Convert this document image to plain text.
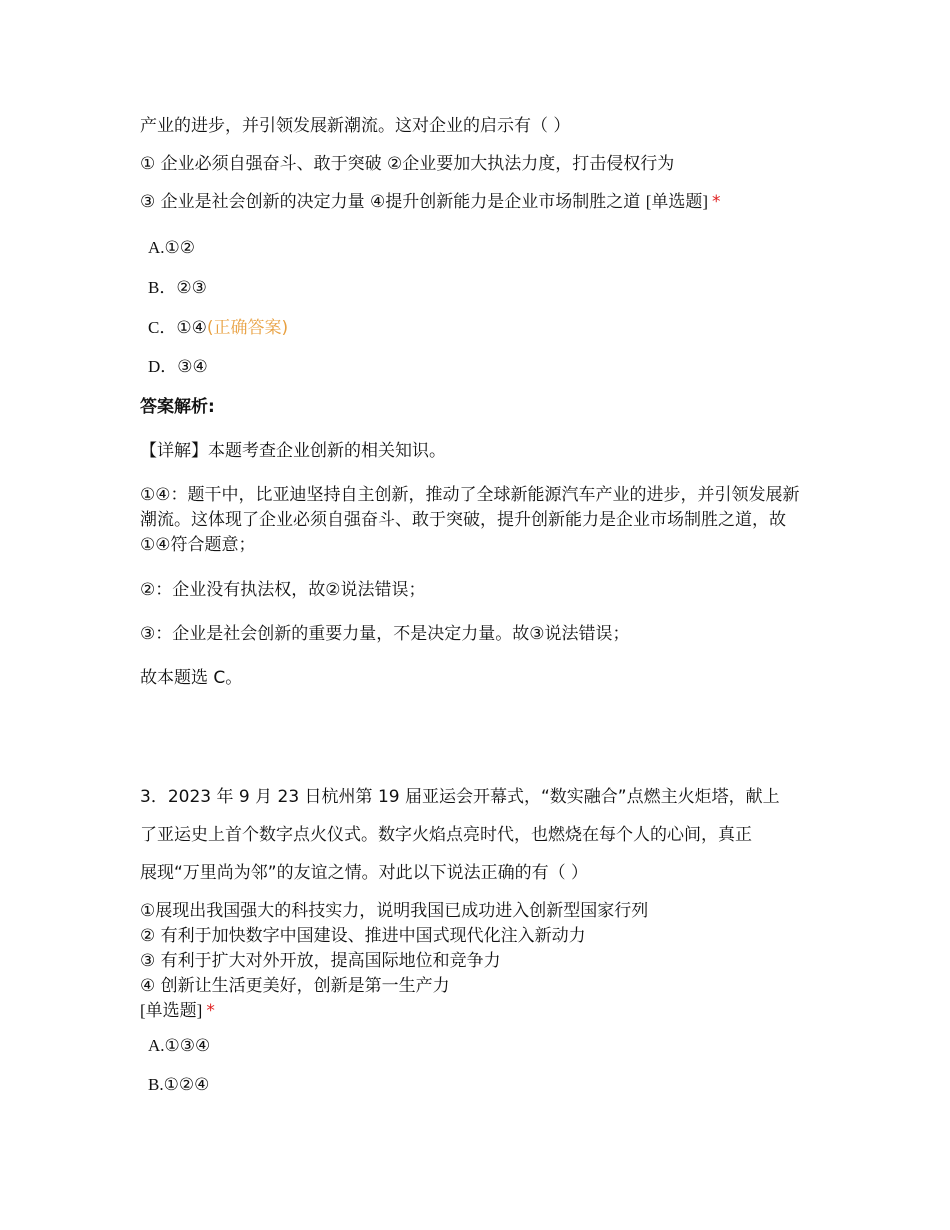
产业的进步，并引领发展新潮流。这对企业的启示有（ ）
① 企业必须自强奋斗、敢于突破 ②企业要加大执法力度，打击侵权行为
③ 企业是社会创新的决定力量 ④提升创新能力是企业市场制胜之道 [单选题] *
A.①②
B．②③
C．①④(正确答案)
D．③④
答案解析:
【详解】本题考查企业创新的相关知识。
①④：题干中，比亚迪坚持自主创新，推动了全球新能源汽车产业的进步，并引领发展新潮流。这体现了企业必须自强奋斗、敢于突破，提升创新能力是企业市场制胜之道，故①④符合题意；
②：企业没有执法权，故②说法错误；
③：企业是社会创新的重要力量，不是决定力量。故③说法错误；
故本题选 C。
3．2023 年 9 月 23 日杭州第 19 届亚运会开幕式，“数实融合”点燃主火炬塔，献上
了亚运史上首个数字点火仪式。数字火焰点亮时代，也燃烧在每个人的心间，真正
展现“万里尚为邻”的友谊之情。对此以下说法正确的有（ ）
①展现出我国强大的科技实力，说明我国已成功进入创新型国家行列
② 有利于加快数字中国建设、推进中国式现代化注入新动力
③ 有利于扩大对外开放，提高国际地位和竞争力
④ 创新让生活更美好，创新是第一生产力
[单选题] *
A.①③④
B.①②④
